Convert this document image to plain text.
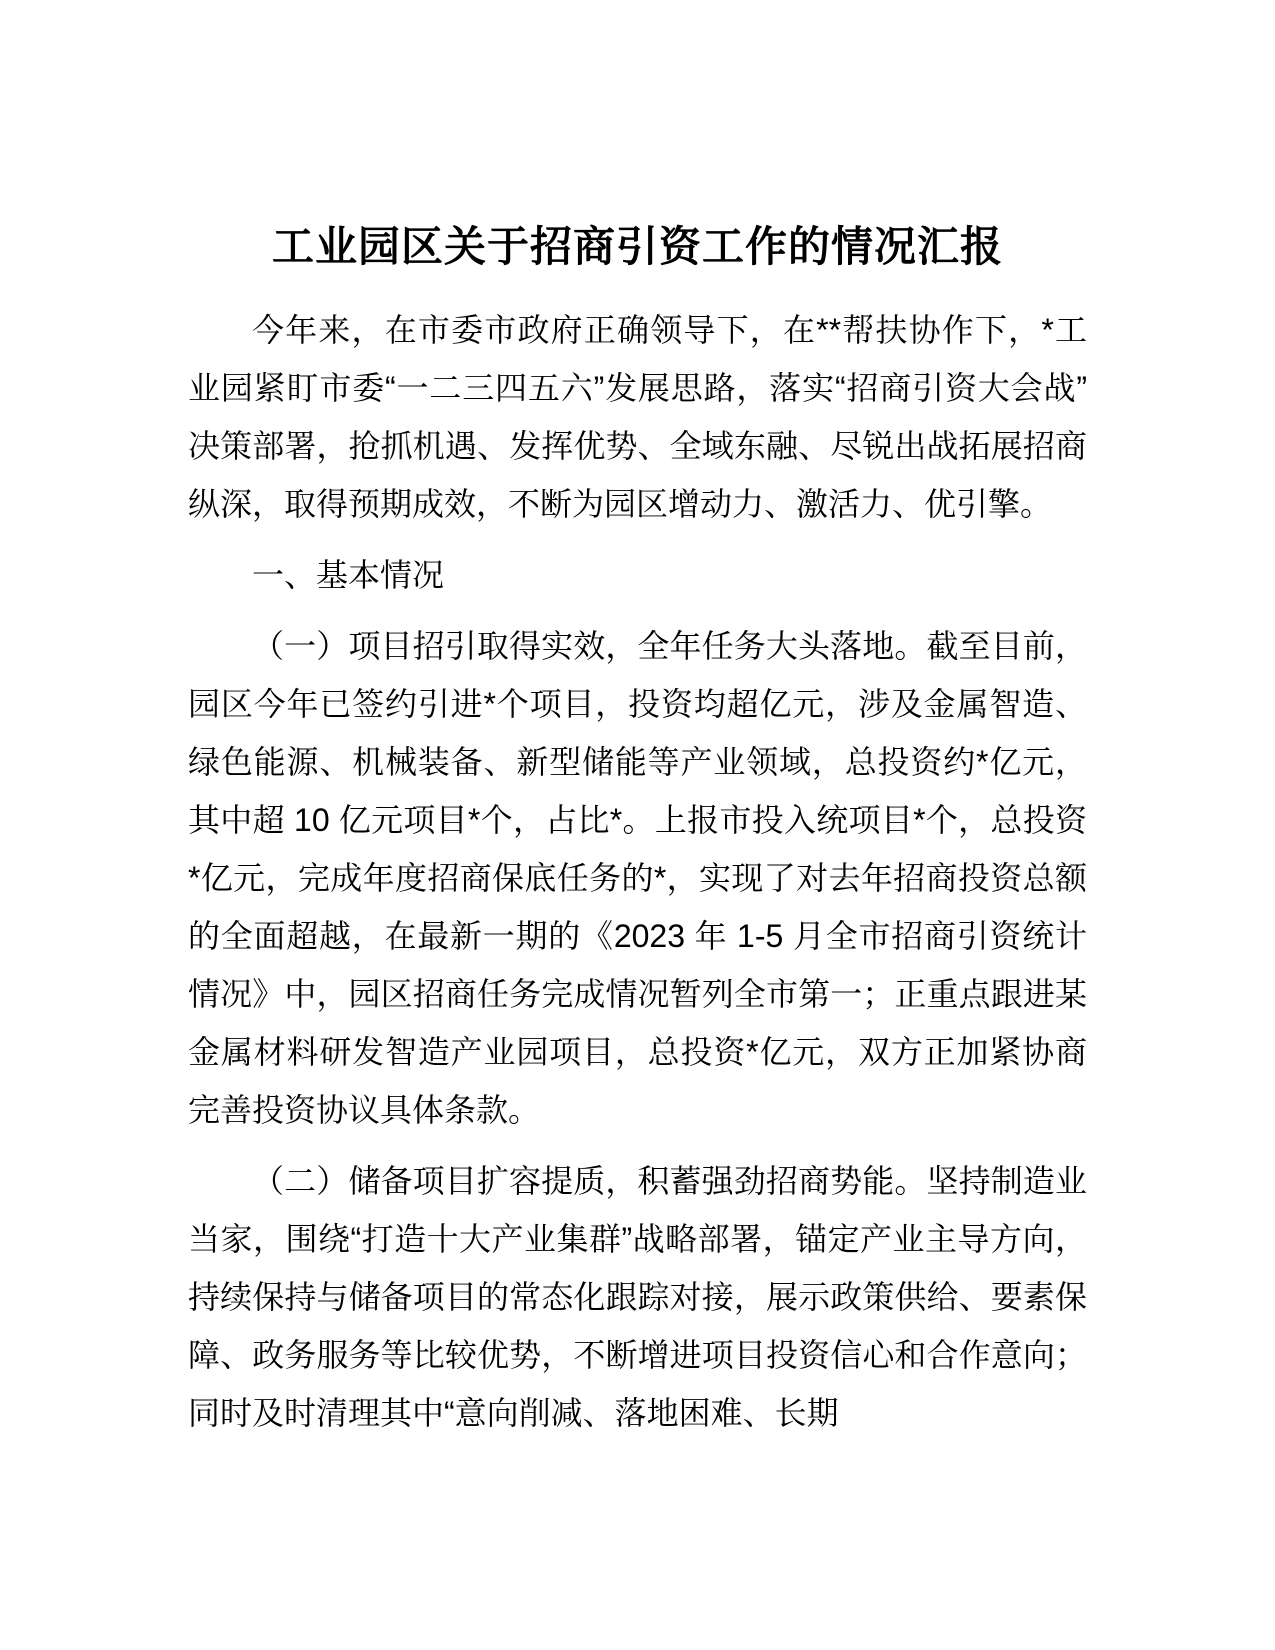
工业园区关于招商引资工作的情况汇报

今年来，在市委市政府正确领导下，在**帮扶协作下，*工业园紧盯市委“一二三四五六”发展思路，落实“招商引资大会战”决策部署，抢抓机遇、发挥优势、全域东融、尽锐出战拓展招商纵深，取得预期成效，不断为园区增动力、激活力、优引擎。

一、基本情况

（一）项目招引取得实效，全年任务大头落地。截至目前，园区今年已签约引进*个项目，投资均超亿元，涉及金属智造、绿色能源、机械装备、新型储能等产业领域，总投资约*亿元，其中超 10 亿元项目*个，占比*。上报市投入统项目*个，总投资*亿元，完成年度招商保底任务的*，实现了对去年招商投资总额的全面超越，在最新一期的《2023 年 1-5 月全市招商引资统计情况》中，园区招商任务完成情况暂列全市第一；正重点跟进某金属材料研发智造产业园项目，总投资*亿元，双方正加紧协商完善投资协议具体条款。

（二）储备项目扩容提质，积蓄强劲招商势能。坚持制造业当家，围绕“打造十大产业集群”战略部署，锚定产业主导方向，持续保持与储备项目的常态化跟踪对接，展示政策供给、要素保障、政务服务等比较优势，不断增进项目投资信心和合作意向；同时及时清理其中“意向削减、落地困难、长期
